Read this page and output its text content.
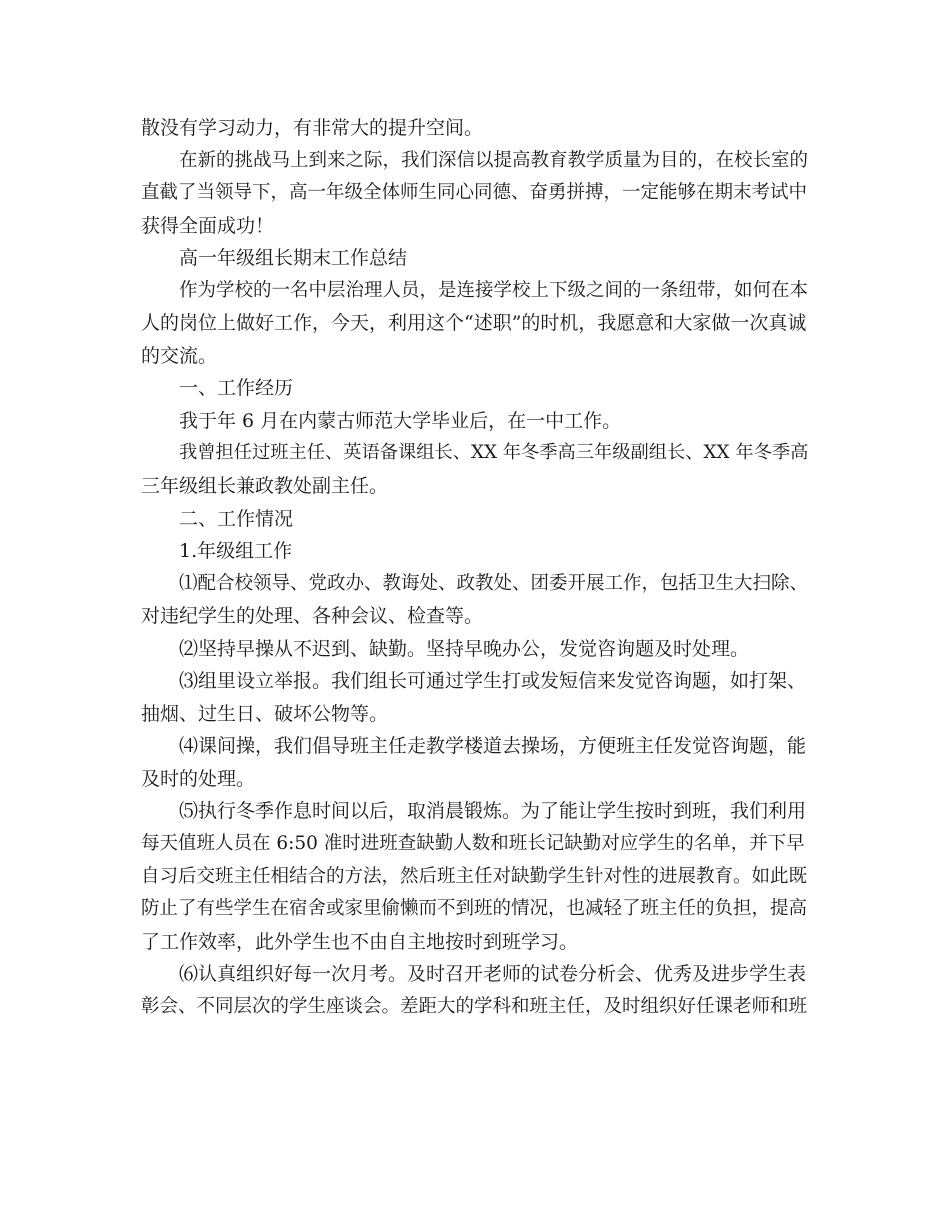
散没有学习动力，有非常大的提升空间。
在新的挑战马上到来之际，我们深信以提高教育教学质量为目的，在校长室的
直截了当领导下，高一年级全体师生同心同德、奋勇拼搏，一定能够在期末考试中
获得全面成功！
高一年级组长期末工作总结
作为学校的一名中层治理人员，是连接学校上下级之间的一条纽带，如何在本
人的岗位上做好工作，今天，利用这个“述职”的时机，我愿意和大家做一次真诚
的交流。
一、工作经历
我于年 6 月在内蒙古师范大学毕业后，在一中工作。
我曾担任过班主任、英语备课组长、XX 年冬季高三年级副组长、XX 年冬季高
三年级组长兼政教处副主任。
二、工作情况
1.年级组工作
⑴配合校领导、党政办、教诲处、政教处、团委开展工作，包括卫生大扫除、
对违纪学生的处理、各种会议、检查等。
⑵坚持早操从不迟到、缺勤。坚持早晚办公，发觉咨询题及时处理。
⑶组里设立举报。我们组长可通过学生打或发短信来发觉咨询题，如打架、
抽烟、过生日、破坏公物等。
⑷课间操，我们倡导班主任走教学楼道去操场，方便班主任发觉咨询题，能
及时的处理。
⑸执行冬季作息时间以后，取消晨锻炼。为了能让学生按时到班，我们利用
每天值班人员在 6:50 准时进班查缺勤人数和班长记缺勤对应学生的名单，并下早
自习后交班主任相结合的方法，然后班主任对缺勤学生针对性的进展教育。如此既
防止了有些学生在宿舍或家里偷懒而不到班的情况，也减轻了班主任的负担，提高
了工作效率，此外学生也不由自主地按时到班学习。
⑹认真组织好每一次月考。及时召开老师的试卷分析会、优秀及进步学生表
彰会、不同层次的学生座谈会。差距大的学科和班主任，及时组织好任课老师和班
